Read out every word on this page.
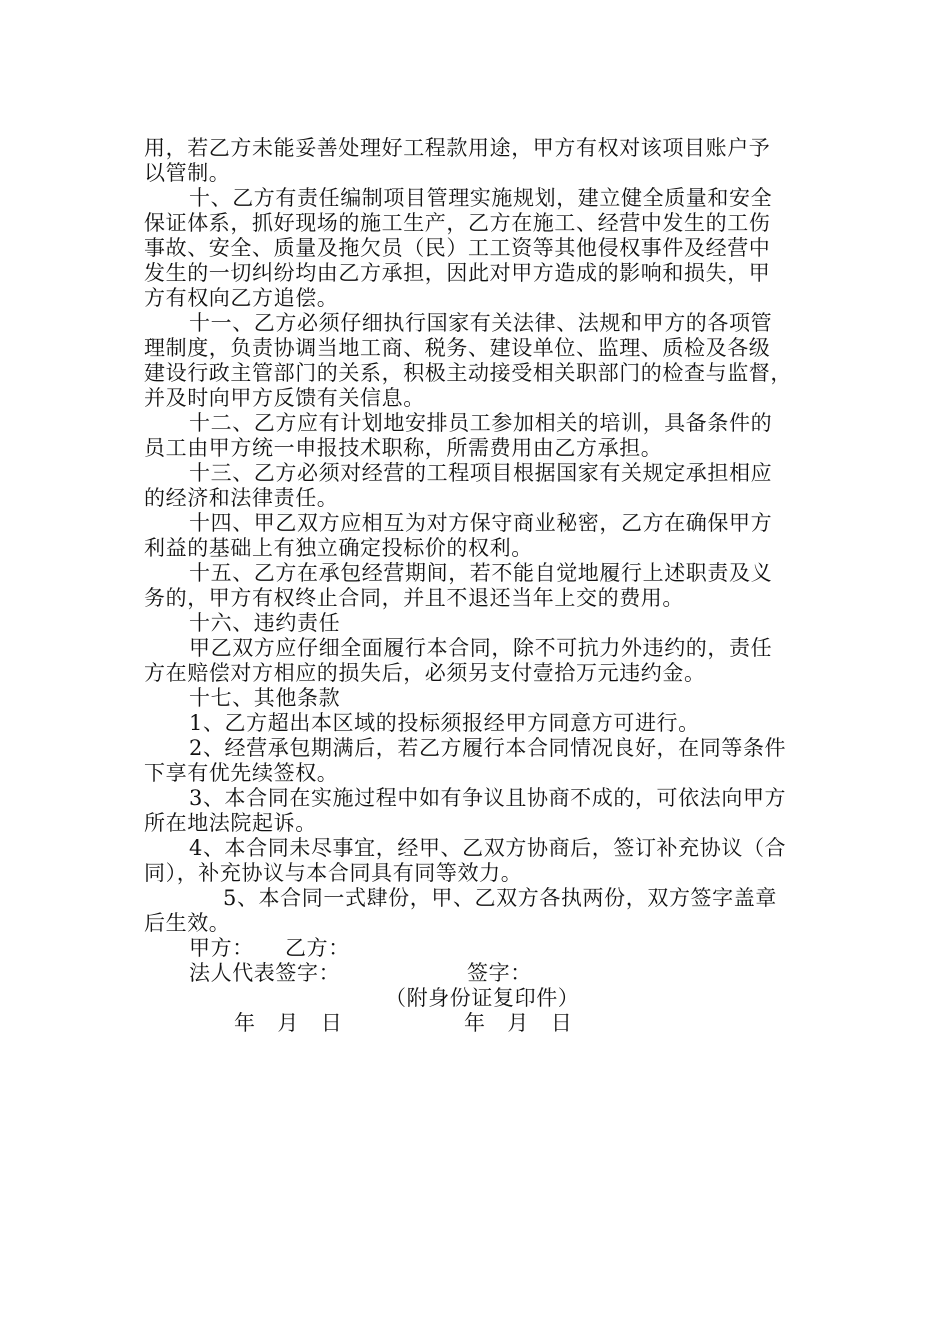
用，若乙方未能妥善处理好工程款用途，甲方有权对该项目账户予
以管制。
十、乙方有责任编制项目管理实施规划，建立健全质量和安全
保证体系，抓好现场的施工生产，乙方在施工、经营中发生的工伤
事故、安全、质量及拖欠员（民）工工资等其他侵权事件及经营中
发生的一切纠纷均由乙方承担，因此对甲方造成的影响和损失，甲
方有权向乙方追偿。
十一、乙方必须仔细执行国家有关法律、法规和甲方的各项管
理制度，负责协调当地工商、税务、建设单位、监理、质检及各级
建设行政主管部门的关系，积极主动接受相关职部门的检查与监督，
并及时向甲方反馈有关信息。
十二、乙方应有计划地安排员工参加相关的培训，具备条件的
员工由甲方统一申报技术职称，所需费用由乙方承担。
十三、乙方必须对经营的工程项目根据国家有关规定承担相应
的经济和法律责任。
十四、甲乙双方应相互为对方保守商业秘密，乙方在确保甲方
利益的基础上有独立确定投标价的权利。
十五、乙方在承包经营期间，若不能自觉地履行上述职责及义
务的，甲方有权终止合同，并且不退还当年上交的费用。
十六、违约责任
甲乙双方应仔细全面履行本合同，除不可抗力外违约的，责任
方在赔偿对方相应的损失后，必须另支付壹拾万元违约金。
十七、其他条款
1、乙方超出本区域的投标须报经甲方同意方可进行。
2、经营承包期满后，若乙方履行本合同情况良好，在同等条件
下享有优先续签权。
3、本合同在实施过程中如有争议且协商不成的，可依法向甲方
所在地法院起诉。
4、本合同未尽事宜，经甲、乙双方协商后，签订补充协议（合
同），补充协议与本合同具有同等效力。
5、本合同一式肆份，甲、乙双方各执两份，双方签字盖章
后生效。

甲方：

乙方：

法人代表签字：

	签字：

（附身份证复印件）

年   月   日

	年   月   日
